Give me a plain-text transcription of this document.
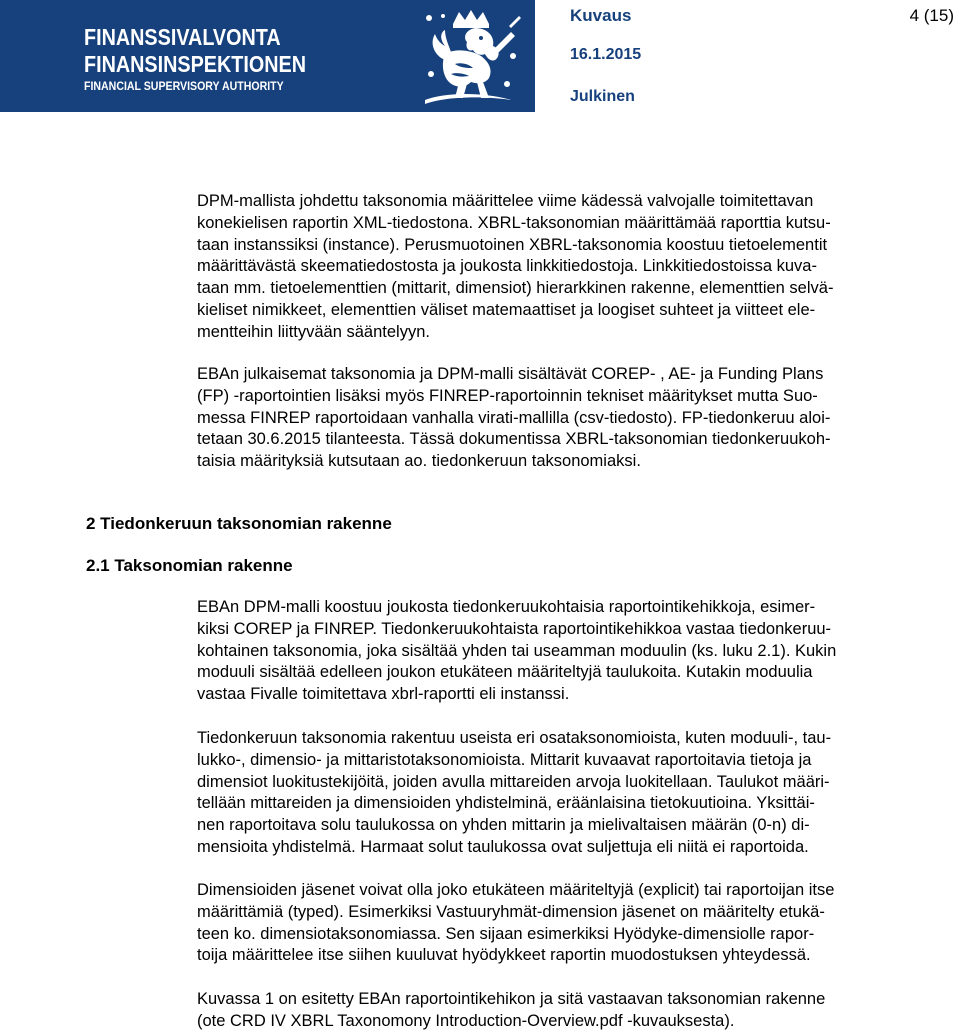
FINANSSIVALVONTA
FINANSINSPEKTIONEN
FINANCIAL SUPERVISORY AUTHORITY
Kuvaus	4 (15)
16.1.2015
Julkinen
DPM-mallista johdettu taksonomia määrittelee viime kädessä valvojalle toimitettavan
konekielisen raportin XML-tiedostona. XBRL-taksonomian määrittämää raporttia kutsu-
taan instanssiksi (instance). Perusmuotoinen XBRL-taksonomia koostuu tietoelementit
määrittävästä skeematiedostosta ja joukosta linkkitiedostoja. Linkkitiedostoissa kuva-
taan mm. tietoelementtien (mittarit, dimensiot) hierarkkinen rakenne, elementtien selvä-
kieliset nimikkeet, elementtien väliset matemaattiset ja loogiset suhteet ja viitteet ele-
mentteihin liittyvään sääntelyyn.
EBAn julkaisemat taksonomia ja DPM-malli sisältävät COREP- , AE- ja Funding Plans
(FP) -raportointien lisäksi myös FINREP-raportoinnin tekniset määritykset mutta Suo-
messa FINREP raportoidaan vanhalla virati-mallilla (csv-tiedosto). FP-tiedonkeruu aloi-
tetaan 30.6.2015 tilanteesta. Tässä dokumentissa XBRL-taksonomian tiedonkeruukoh-
taisia määrityksiä kutsutaan ao. tiedonkeruun taksonomiaksi.
2 Tiedonkeruun taksonomian rakenne
2.1 Taksonomian rakenne
EBAn DPM-malli koostuu joukosta tiedonkeruukohtaisia raportointikehikkoja, esimer-
kiksi COREP ja FINREP. Tiedonkeruukohtaista raportointikehikkoa vastaa tiedonkeruu-
kohtainen taksonomia, joka sisältää yhden tai useamman moduulin (ks. luku 2.1). Kukin
moduuli sisältää edelleen joukon etukäteen määriteltyjä taulukoita. Kutakin moduulia
vastaa Fivalle toimitettava xbrl-raportti eli instanssi.
Tiedonkeruun taksonomia rakentuu useista eri osataksonomioista, kuten moduuli-, tau-
lukko-, dimensio- ja mittaristotaksonomioista. Mittarit kuvaavat raportoitavia tietoja ja
dimensiot luokitustekijöitä, joiden avulla mittareiden arvoja luokitellaan. Taulukot määri-
tellään mittareiden ja dimensioiden yhdistelminä, eräänlaisina tietokuutioina. Yksittäi-
nen raportoitava solu taulukossa on yhden mittarin ja mielivaltaisen määrän (0-n) di-
mensioita yhdistelmä. Harmaat solut taulukossa ovat suljettuja eli niitä ei raportoida.
Dimensioiden jäsenet voivat olla joko etukäteen määriteltyjä (explicit) tai raportoijan itse
määrittämiä (typed). Esimerkiksi Vastuuryhmät-dimension jäsenet on määritelty etukä-
teen ko. dimensiotaksonomiassa. Sen sijaan esimerkiksi Hyödyke-dimensiolle rapor-
toija määrittelee itse siihen kuuluvat hyödykkeet raportin muodostuksen yhteydessä.
Kuvassa 1 on esitetty EBAn raportointikehikon ja sitä vastaavan taksonomian rakenne
(ote CRD IV XBRL Taxonomony Introduction-Overview.pdf -kuvauksesta).
